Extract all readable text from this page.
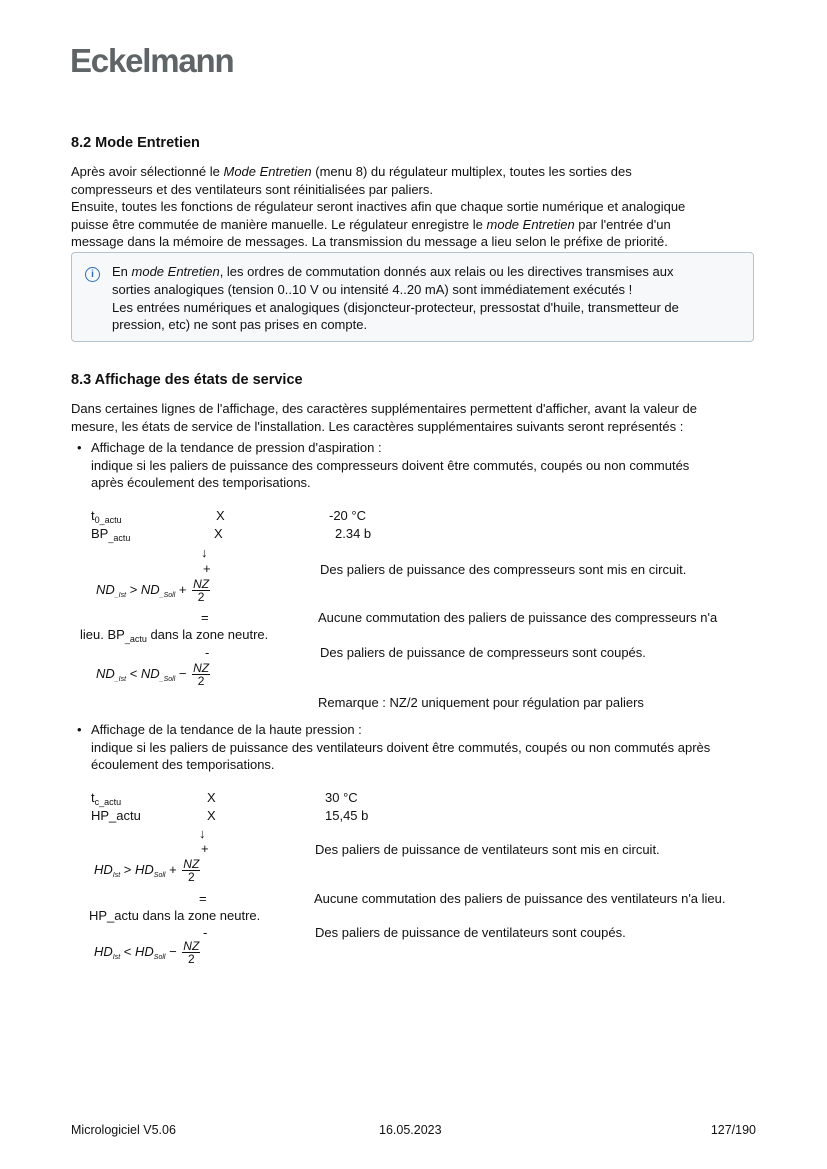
Eckelmann
8.2 Mode Entretien
Après avoir sélectionné le Mode Entretien (menu 8) du régulateur multiplex, toutes les sorties des
compresseurs et des ventilateurs sont réinitialisées par paliers.
Ensuite, toutes les fonctions de régulateur seront inactives afin que chaque sortie numérique et analogique
puisse être commutée de manière manuelle. Le régulateur enregistre le mode Entretien par l'entrée d'un
message dans la mémoire de messages. La transmission du message a lieu selon le préfixe de priorité.
i	En mode Entretien, les ordres de commutation donnés aux relais ou les directives transmises aux
sorties analogiques (tension 0..10 V ou intensité 4..20 mA) sont immédiatement exécutés !
Les entrées numériques et analogiques (disjoncteur-protecteur, pressostat d'huile, transmetteur de
pression, etc) ne sont pas prises en compte.
8.3 Affichage des états de service
Dans certaines lignes de l'affichage, des caractères supplémentaires permettent d'afficher, avant la valeur de
mesure, les états de service de l'installation. Les caractères supplémentaires suivants seront représentés :
• Affichage de la tendance de pression d'aspiration :
indique si les paliers de puissance des compresseurs doivent être commutés, coupés ou non commutés
après écoulement des temporisations.
$t_{0\_actu}$	X	-20 °C
$BP_{\_actu}$	X	2.34 b
↓
+	Des paliers de puissance des compresseurs sont mis en circuit.
$ND_{\_Ist} > ND_{\_Soll} + \frac{NZ}{2}$
=	Aucune commutation des paliers de puissance des compresseurs n'a
lieu. $BP_{\_actu}$ dans la zone neutre.
-	Des paliers de puissance de compresseurs sont coupés.
$ND_{\_Ist} < ND_{\_Soll} - \frac{NZ}{2}$
Remarque : NZ/2 uniquement pour régulation par paliers
• Affichage de la tendance de la haute pression :
indique si les paliers de puissance des ventilateurs doivent être commutés, coupés ou non commutés après
écoulement des temporisations.
$t_{c\_actu}$	X	30 °C
HP_actu	X	15,45 b
↓
+	Des paliers de puissance de ventilateurs sont mis en circuit.
$HD_{Ist} > HD_{Soll} + \frac{NZ}{2}$
=	Aucune commutation des paliers de puissance des ventilateurs n'a lieu.
HP_actu dans la zone neutre.
-	Des paliers de puissance de ventilateurs sont coupés.
$HD_{Ist} < HD_{Soll} - \frac{NZ}{2}$
Micrologiciel V5.06	16.05.2023	127/190
